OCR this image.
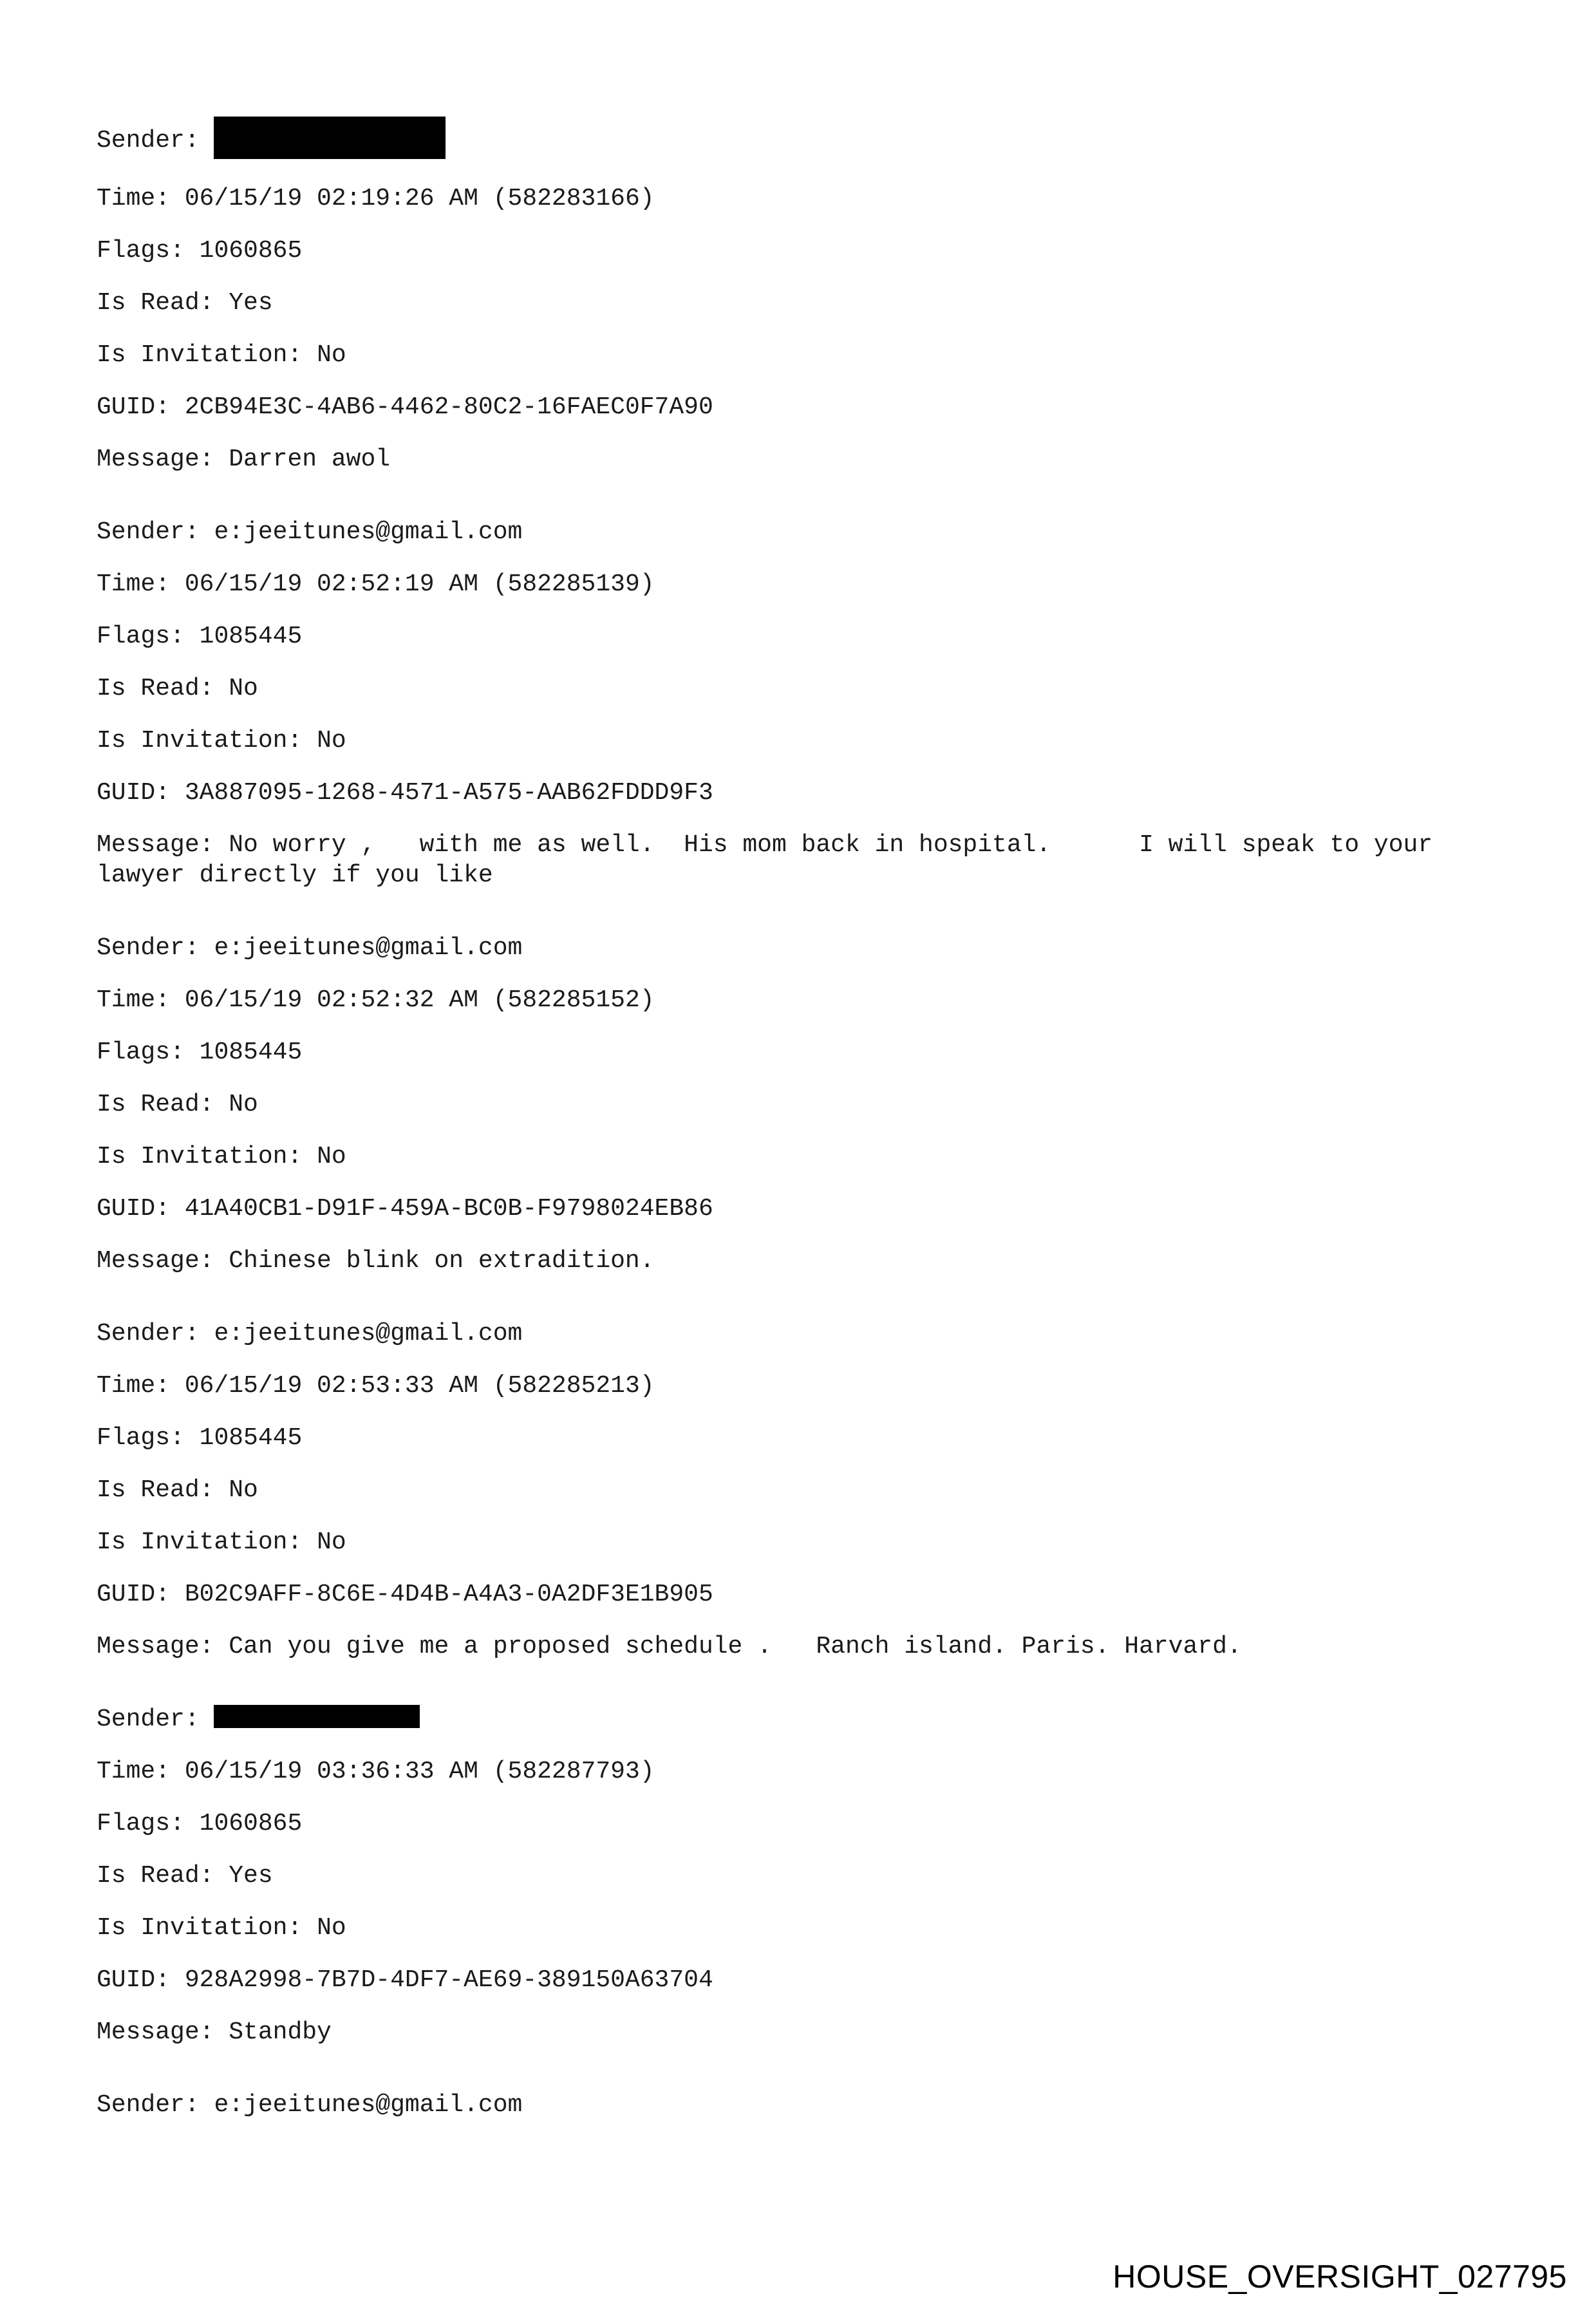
Sender:
Time: 06/15/19 02:19:26 AM (582283166)
Flags: 1060865
Is Read: Yes
Is Invitation: No
GUID: 2CB94E3C-4AB6-4462-80C2-16FAEC0F7A90
Message: Darren awol
Sender: e:jeeitunes@gmail.com
Time: 06/15/19 02:52:19 AM (582285139)
Flags: 1085445
Is Read: No
Is Invitation: No
GUID: 3A887095-1268-4571-A575-AAB62FDDD9F3
Message: No worry ,   with me as well.  His mom back in hospital.      I will speak to your lawyer directly if you like
Sender: e:jeeitunes@gmail.com
Time: 06/15/19 02:52:32 AM (582285152)
Flags: 1085445
Is Read: No
Is Invitation: No
GUID: 41A40CB1-D91F-459A-BC0B-F9798024EB86
Message: Chinese blink on extradition.
Sender: e:jeeitunes@gmail.com
Time: 06/15/19 02:53:33 AM (582285213)
Flags: 1085445
Is Read: No
Is Invitation: No
GUID: B02C9AFF-8C6E-4D4B-A4A3-0A2DF3E1B905
Message: Can you give me a proposed schedule .   Ranch island. Paris. Harvard.
Sender:
Time: 06/15/19 03:36:33 AM (582287793)
Flags: 1060865
Is Read: Yes
Is Invitation: No
GUID: 928A2998-7B7D-4DF7-AE69-389150A63704
Message: Standby
Sender: e:jeeitunes@gmail.com
HOUSE_OVERSIGHT_027795
